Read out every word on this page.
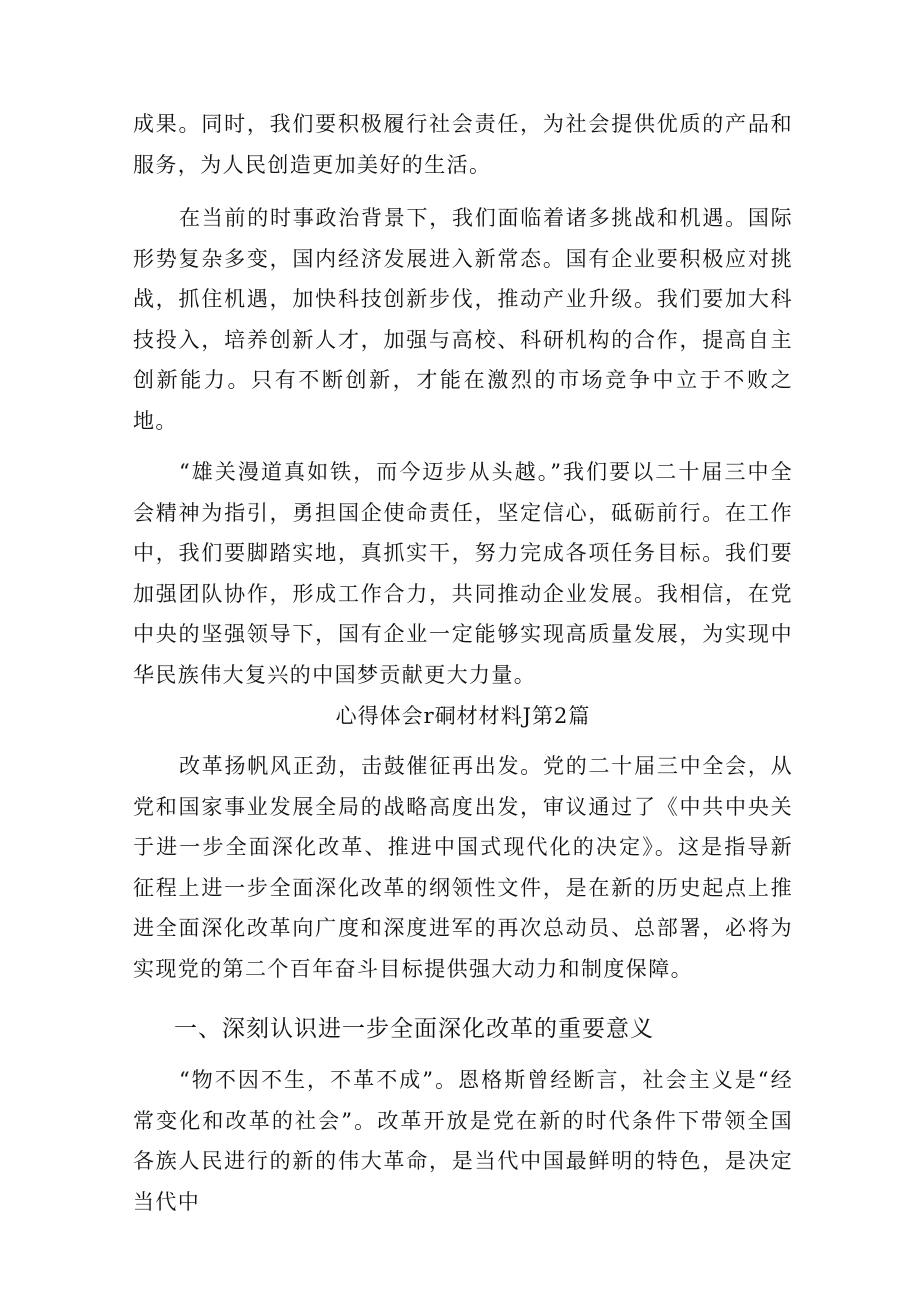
成果。同时，我们要积极履行社会责任，为社会提供优质的产品和服务，为人民创造更加美好的生活。

在当前的时事政治背景下，我们面临着诸多挑战和机遇。国际形势复杂多变，国内经济发展进入新常态。国有企业要积极应对挑战，抓住机遇，加快科技创新步伐，推动产业升级。我们要加大科技投入，培养创新人才，加强与高校、科研机构的合作，提高自主创新能力。只有不断创新，才能在激烈的市场竞争中立于不败之地。

“雄关漫道真如铁，而今迈步从头越。”我们要以二十届三中全会精神为指引，勇担国企使命责任，坚定信心，砥砺前行。在工作中，我们要脚踏实地，真抓实干，努力完成各项任务目标。我们要加强团队协作，形成工作合力，共同推动企业发展。我相信，在党中央的坚强领导下，国有企业一定能够实现高质量发展，为实现中华民族伟大复兴的中国梦贡献更大力量。

心得体会r硐材材料J第2篇

改革扬帆风正劲，击鼓催征再出发。党的二十届三中全会，从党和国家事业发展全局的战略高度出发，审议通过了《中共中央关于进一步全面深化改革、推进中国式现代化的决定》。这是指导新征程上进一步全面深化改革的纲领性文件，是在新的历史起点上推进全面深化改革向广度和深度进军的再次总动员、总部署，必将为实现党的第二个百年奋斗目标提供强大动力和制度保障。

一、深刻认识进一步全面深化改革的重要意义

“物不因不生，不革不成”。恩格斯曾经断言，社会主义是“经常变化和改革的社会”。改革开放是党在新的时代条件下带领全国各族人民进行的新的伟大革命，是当代中国最鲜明的特色，是决定当代中
